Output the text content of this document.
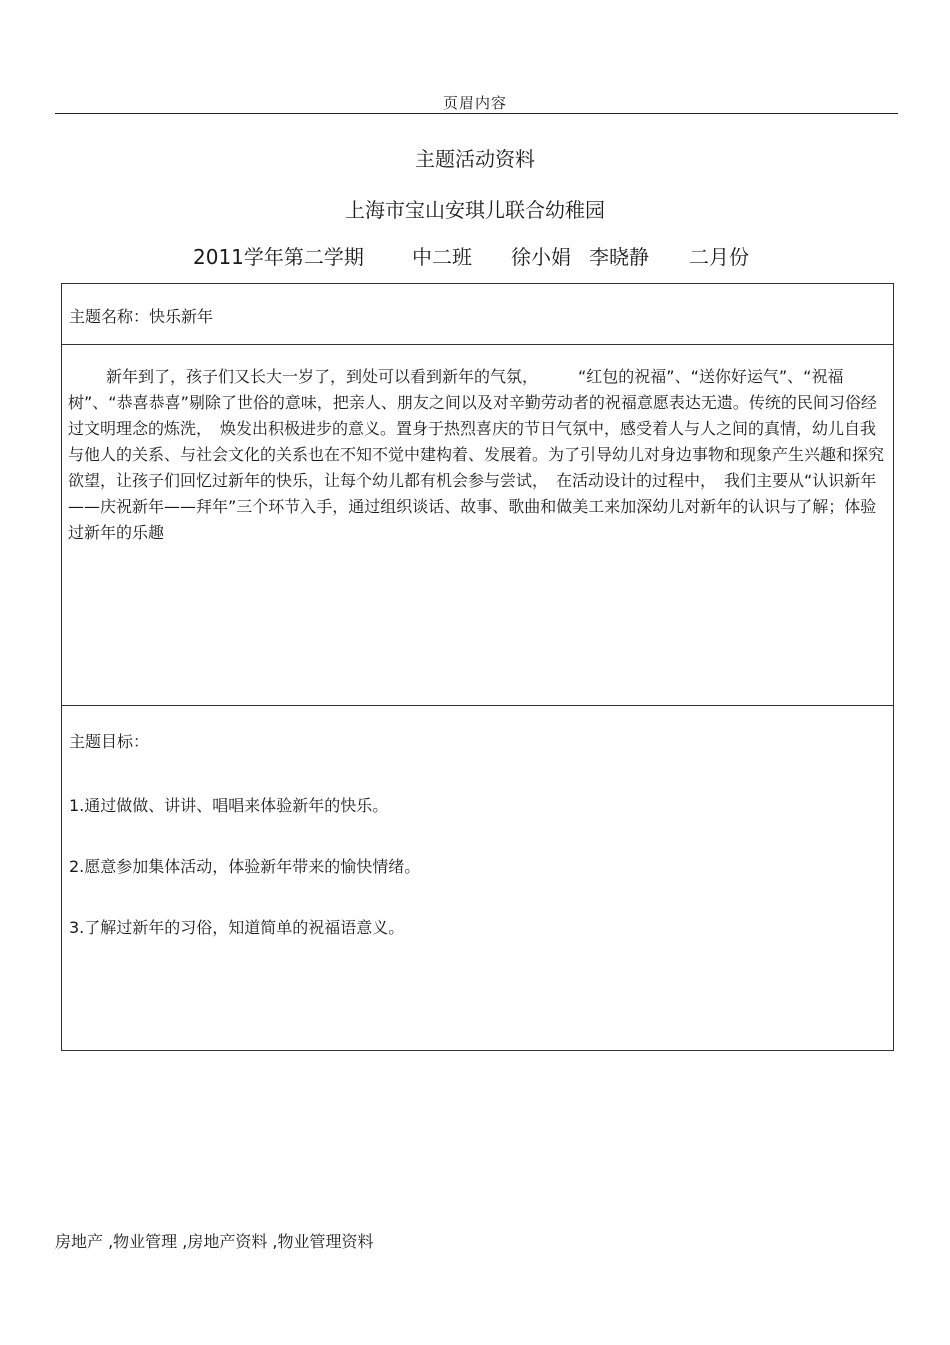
页眉内容
主题活动资料
上海市宝山安琪儿联合幼稚园
2011学年第二学期 中二班 徐小娟 李晓静 二月份
主题名称：快乐新年
新年到了，孩子们又长大一岁了，到处可以看到新年的气氛，　　　“红包的祝福”、“送你好运气”、“祝福树”、“恭喜恭喜”剔除了世俗的意味，把亲人、朋友之间以及对辛勤劳动者的祝福意愿表达无遗。传统的民间习俗经过文明理念的炼洗，　焕发出积极进步的意义。置身于热烈喜庆的节日气氛中，感受着人与人之间的真情，幼儿自我与他人的关系、与社会文化的关系也在不知不觉中建构着、发展着。为了引导幼儿对身边事物和现象产生兴趣和探究欲望，让孩子们回忆过新年的快乐，让每个幼儿都有机会参与尝试，　在活动设计的过程中，　我们主要从“认识新年——庆祝新年——拜年”三个环节入手，通过组织谈话、故事、歌曲和做美工来加深幼儿对新年的认识与了解；体验过新年的乐趣
主题目标：
1.通过做做、讲讲、唱唱来体验新年的快乐。
2.愿意参加集体活动，体验新年带来的愉快情绪。
3.了解过新年的习俗，知道简单的祝福语意义。
房地产 ,物业管理 ,房地产资料 ,物业管理资料
